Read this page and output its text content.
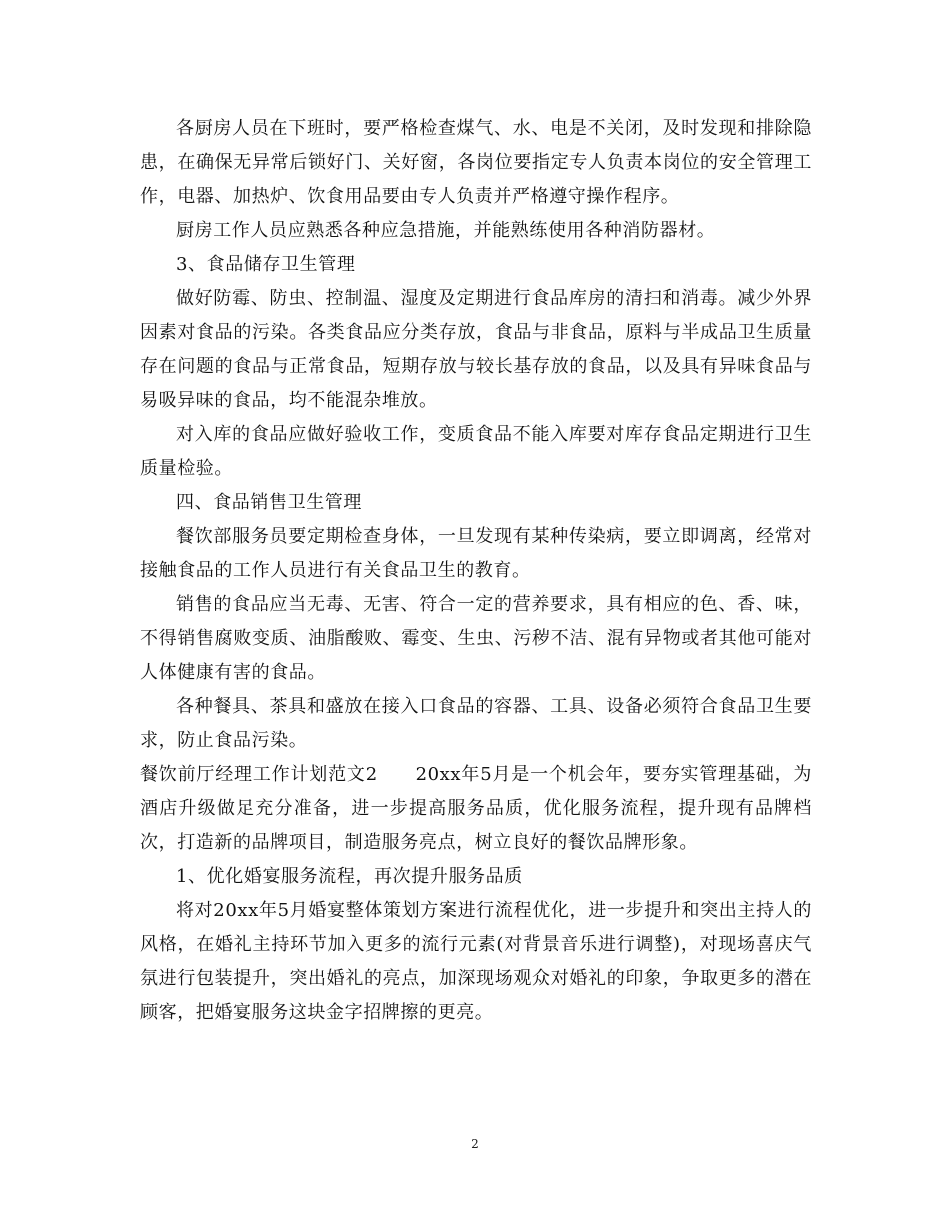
各厨房人员在下班时，要严格检查煤气、水、电是不关闭，及时发现和排除隐患，在确保无异常后锁好门、关好窗，各岗位要指定专人负责本岗位的安全管理工作，电器、加热炉、饮食用品要由专人负责并严格遵守操作程序。

厨房工作人员应熟悉各种应急措施，并能熟练使用各种消防器材。

3、食品储存卫生管理

做好防霉、防虫、控制温、湿度及定期进行食品库房的清扫和消毒。减少外界因素对食品的污染。各类食品应分类存放，食品与非食品，原料与半成品卫生质量存在问题的食品与正常食品，短期存放与较长基存放的食品，以及具有异味食品与易吸异味的食品，均不能混杂堆放。

对入库的食品应做好验收工作，变质食品不能入库要对库存食品定期进行卫生质量检验。

四、食品销售卫生管理

餐饮部服务员要定期检查身体，一旦发现有某种传染病，要立即调离，经常对接触食品的工作人员进行有关食品卫生的教育。

销售的食品应当无毒、无害、符合一定的营养要求，具有相应的色、香、味，不得销售腐败变质、油脂酸败、霉变、生虫、污秽不洁、混有异物或者其他可能对人体健康有害的食品。

各种餐具、茶具和盛放在接入口食品的容器、工具、设备必须符合食品卫生要求，防止食品污染。

餐饮前厅经理工作计划范文2　　20xx年5月是一个机会年，要夯实管理基础，为酒店升级做足充分准备，进一步提高服务品质，优化服务流程，提升现有品牌档次，打造新的品牌项目，制造服务亮点，树立良好的餐饮品牌形象。

1、优化婚宴服务流程，再次提升服务品质

将对20xx年5月婚宴整体策划方案进行流程优化，进一步提升和突出主持人的风格，在婚礼主持环节加入更多的流行元素(对背景音乐进行调整)，对现场喜庆气氛进行包装提升，突出婚礼的亮点，加深现场观众对婚礼的印象，争取更多的潜在顾客，把婚宴服务这块金字招牌擦的更亮。

2
